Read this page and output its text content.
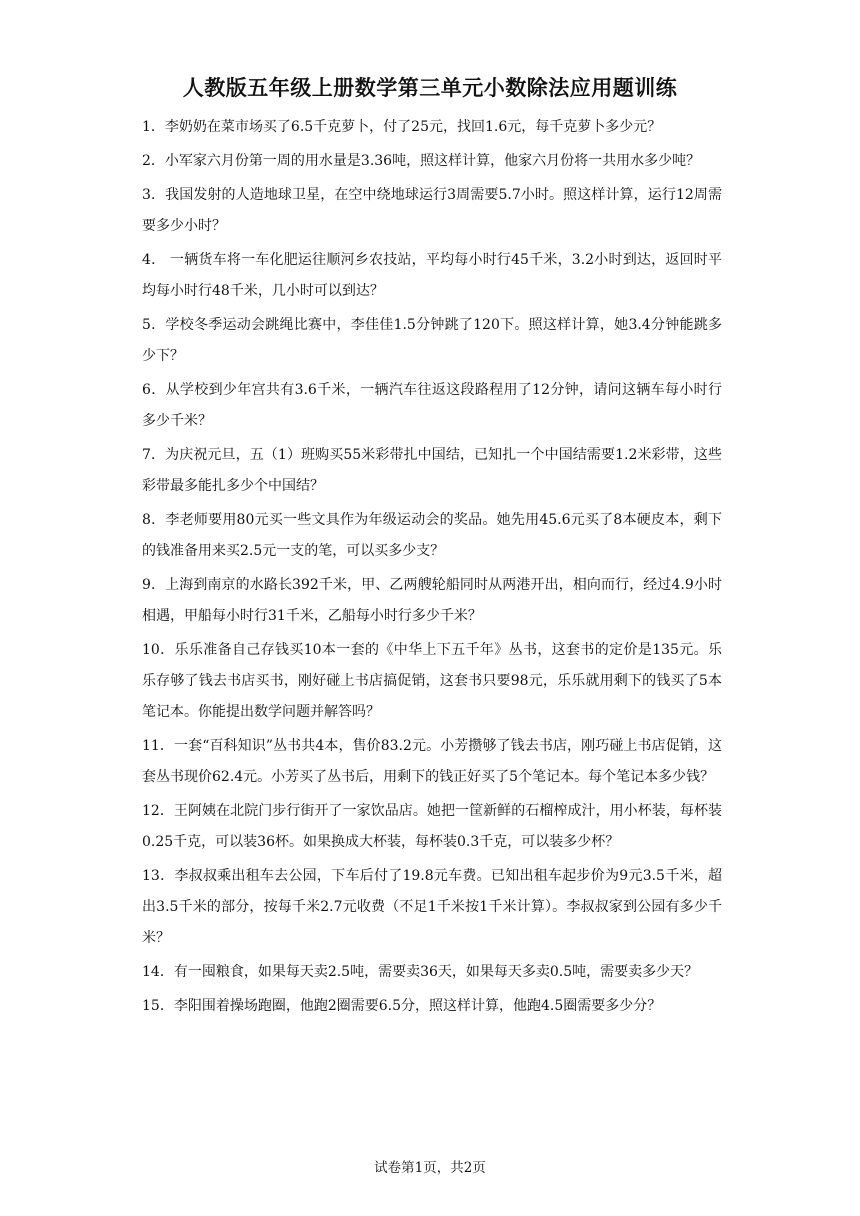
人教版五年级上册数学第三单元小数除法应用题训练

1．李奶奶在菜市场买了6.5千克萝卜，付了25元，找回1.6元，每千克萝卜多少元？

2．小军家六月份第一周的用水量是3.36吨，照这样计算，他家六月份将一共用水多少吨？

3．我国发射的人造地球卫星，在空中绕地球运行3周需要5.7小时。照这样计算，运行12周需要多少小时？

4． 一辆货车将一车化肥运往顺河乡农技站，平均每小时行45千米，3.2小时到达，返回时平均每小时行48千米，几小时可以到达？

5．学校冬季运动会跳绳比赛中，李佳佳1.5分钟跳了120下。照这样计算，她3.4分钟能跳多少下？

6．从学校到少年宫共有3.6千米，一辆汽车往返这段路程用了12分钟，请问这辆车每小时行多少千米？

7．为庆祝元旦，五（1）班购买55米彩带扎中国结，已知扎一个中国结需要1.2米彩带，这些彩带最多能扎多少个中国结？

8．李老师要用80元买一些文具作为年级运动会的奖品。她先用45.6元买了8本硬皮本，剩下的钱准备用来买2.5元一支的笔，可以买多少支？

9．上海到南京的水路长392千米，甲、乙两艘轮船同时从两港开出，相向而行，经过4.9小时相遇，甲船每小时行31千米，乙船每小时行多少千米？

10．乐乐准备自己存钱买10本一套的《中华上下五千年》丛书，这套书的定价是135元。乐乐存够了钱去书店买书，刚好碰上书店搞促销，这套书只要98元，乐乐就用剩下的钱买了5本笔记本。你能提出数学问题并解答吗？

11．一套“百科知识”丛书共4本，售价83.2元。小芳攒够了钱去书店，刚巧碰上书店促销，这套丛书现价62.4元。小芳买了丛书后，用剩下的钱正好买了5个笔记本。每个笔记本多少钱？

12．王阿姨在北院门步行街开了一家饮品店。她把一筐新鲜的石榴榨成汁，用小杯装，每杯装0.25千克，可以装36杯。如果换成大杯装，每杯装0.3千克，可以装多少杯？

13．李叔叔乘出租车去公园，下车后付了19.8元车费。已知出租车起步价为9元3.5千米，超出3.5千米的部分，按每千米2.7元收费（不足1千米按1千米计算）。李叔叔家到公园有多少千米？

14．有一囤粮食，如果每天卖2.5吨，需要卖36天，如果每天多卖0.5吨，需要卖多少天？

15．李阳围着操场跑圈，他跑2圈需要6.5分，照这样计算，他跑4.5圈需要多少分？

试卷第1页，共2页
